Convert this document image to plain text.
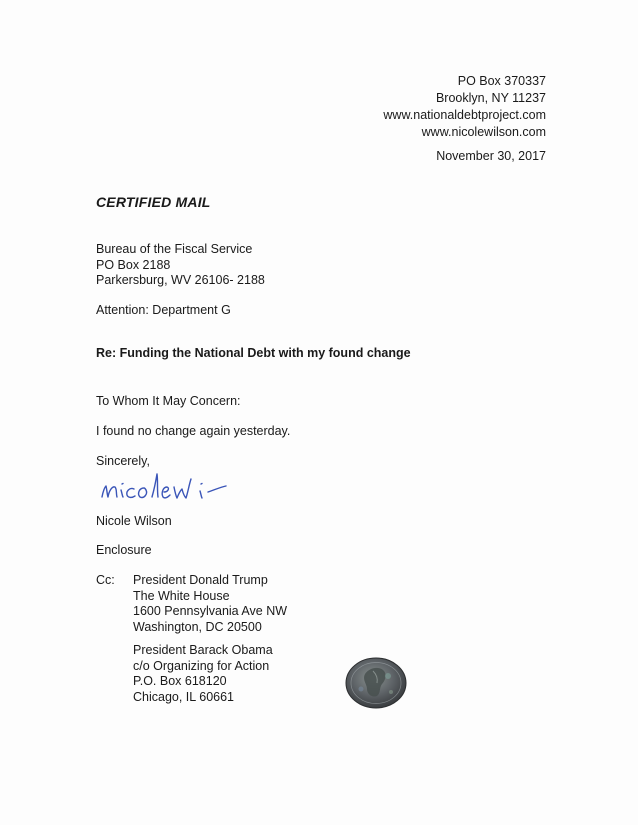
PO Box 370337
Brooklyn, NY 11237
www.nationaldebtproject.com
www.nicolewilson.com
November 30, 2017
CERTIFIED MAIL
Bureau of the Fiscal Service
PO Box 2188
Parkersburg, WV 26106- 2188
Attention: Department G
Re: Funding the National Debt with my found change
To Whom It May Concern:
I found no change again yesterday.
Sincerely,
Nicole Wilson
Enclosure
Cc: President Donald Trump
The White House
1600 Pennsylvania Ave NW
Washington, DC 20500
President Barack Obama
c/o Organizing for Action
P.O. Box 618120
Chicago, IL 60661
